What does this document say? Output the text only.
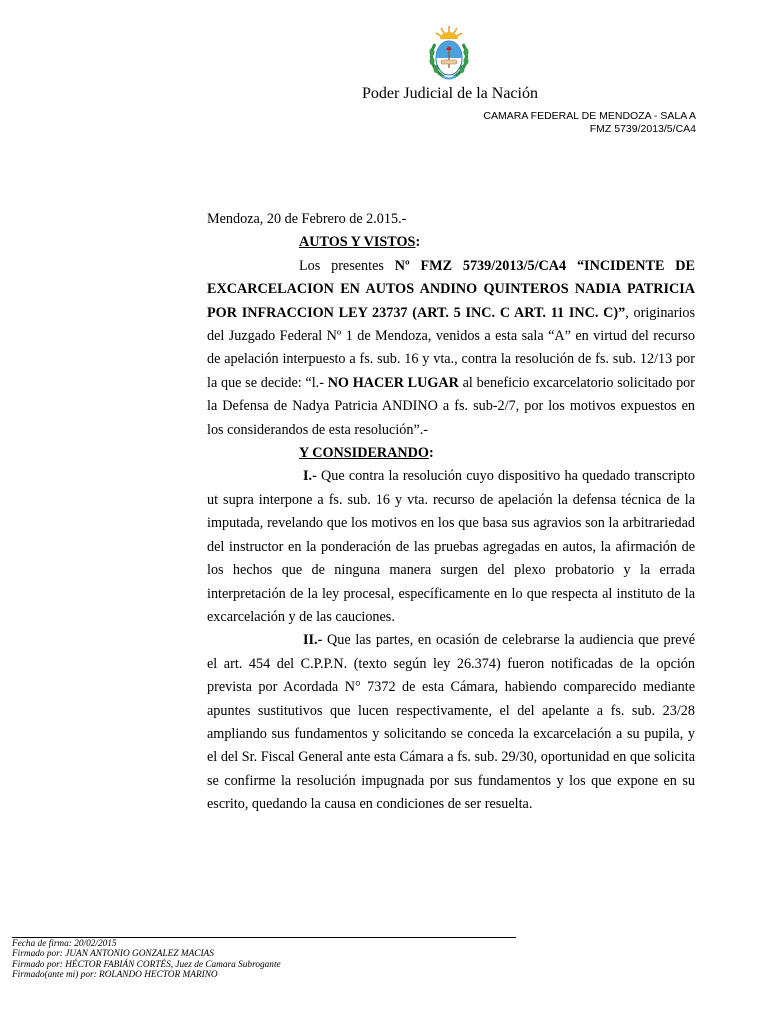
Poder Judicial de la Nación
CAMARA FEDERAL DE MENDOZA - SALA A
FMZ 5739/2013/5/CA4

Mendoza, 20 de Febrero de 2.015.-

AUTOS Y VISTOS:

Los presentes Nº FMZ 5739/2013/5/CA4 “INCIDENTE DE EXCARCELACION EN AUTOS ANDINO QUINTEROS NADIA PATRICIA POR INFRACCION LEY 23737 (ART. 5 INC. C ART. 11 INC. C)”, originarios del Juzgado Federal Nº 1 de Mendoza, venidos a esta sala “A” en virtud del recurso de apelación interpuesto a fs. sub. 16 y vta., contra la resolución de fs. sub. 12/13 por la que se decide: “l.- NO HACER LUGAR al beneficio excarcelatorio solicitado por la Defensa de Nadya Patricia ANDINO a fs. sub-2/7, por los motivos expuestos en los considerandos de esta resolución”.-

Y CONSIDERANDO:

I.- Que contra la resolución cuyo dispositivo ha quedado transcripto ut supra interpone a fs. sub. 16 y vta. recurso de apelación la defensa técnica de la imputada, revelando que los motivos en los que basa sus agravios son la arbitrariedad del instructor en la ponderación de las pruebas agregadas en autos, la afirmación de los hechos que de ninguna manera surgen del plexo probatorio y la errada interpretación de la ley procesal, específicamente en lo que respecta al instituto de la excarcelación y de las cauciones.

II.- Que las partes, en ocasión de celebrarse la audiencia que prevé el art. 454 del C.P.P.N. (texto según ley 26.374) fueron notificadas de la opción prevista por Acordada N° 7372 de esta Cámara, habiendo comparecido mediante apuntes sustitutivos que lucen respectivamente, el del apelante a fs. sub. 23/28 ampliando sus fundamentos y solicitando se conceda la excarcelación a su pupila, y el del Sr. Fiscal General ante esta Cámara a fs. sub. 29/30, oportunidad en que solicita se confirme la resolución impugnada por sus fundamentos y los que expone en su escrito, quedando la causa en condiciones de ser resuelta.

Fecha de firma: 20/02/2015
Firmado por: JUAN ANTONIO GONZALEZ MACIAS
Firmado por: HÉCTOR FABIÁN CORTÉS, Juez de Camara Subrogante
Firmado(ante mi) por: ROLANDO HECTOR MARINO
